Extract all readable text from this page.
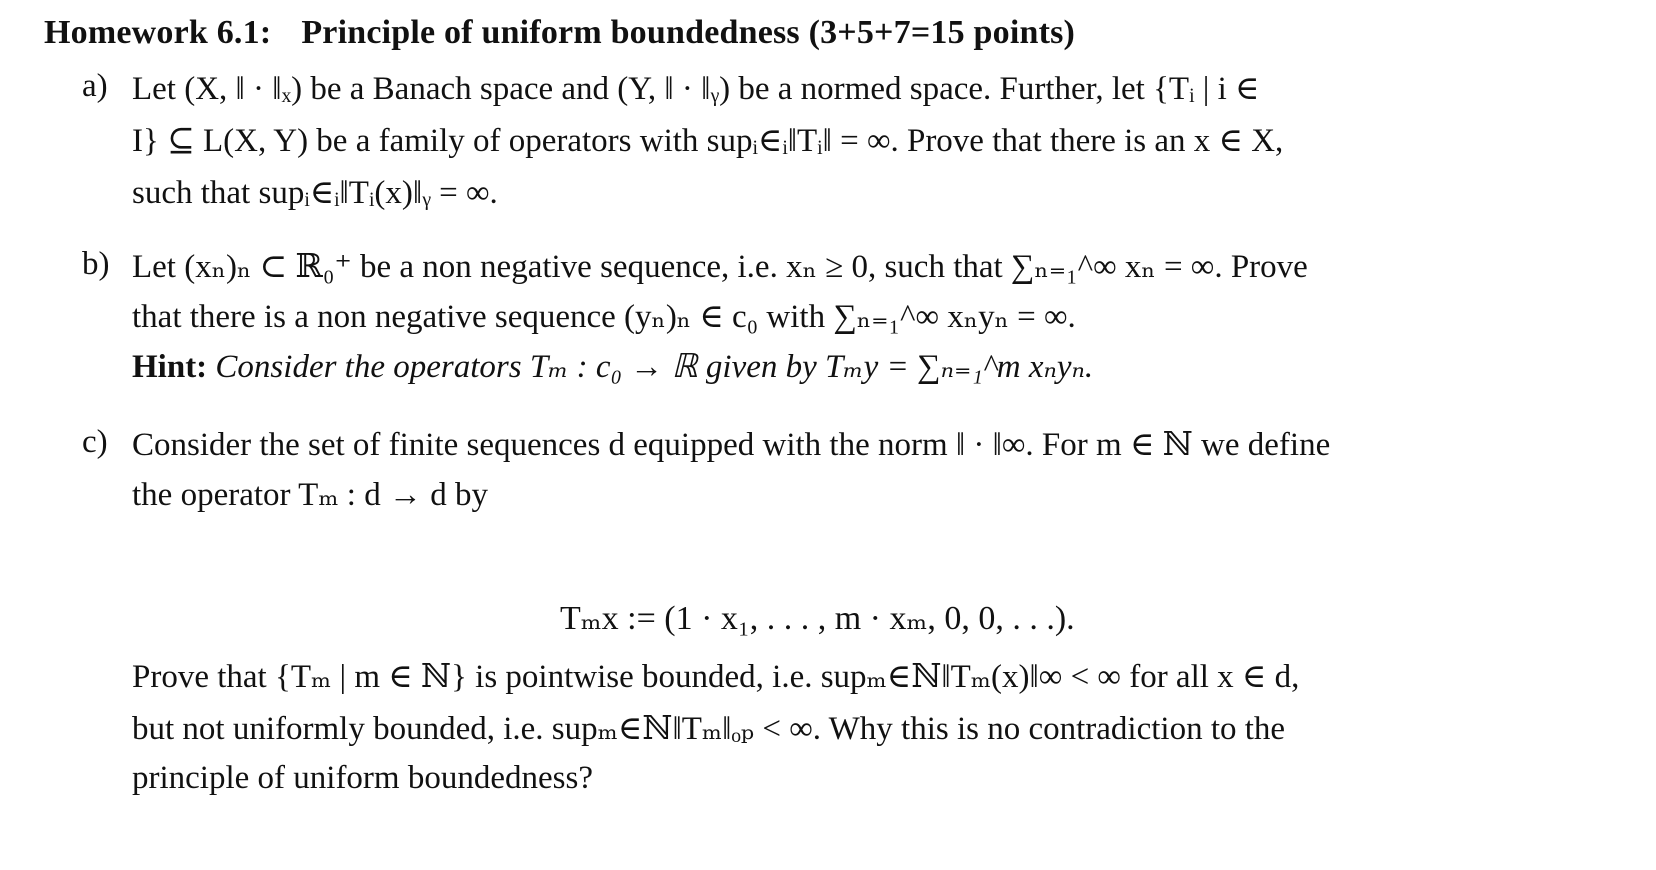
Homework 6.1: Principle of uniform boundedness (3+5+7=15 points)
a) Let (X, ‖ · ‖ₓ) be a Banach space and (Y, ‖ · ‖ᵧ) be a normed space. Further, let {Tᵢ | i ∈
I} ⊆ L(X, Y) be a family of operators with supᵢ∈ᵢ‖Tᵢ‖ = ∞. Prove that there is an x ∈ X,
such that supᵢ∈ᵢ‖Tᵢ(x)‖ᵧ = ∞.
b) Let (xₙ)ₙ ⊂ ℝ₀⁺ be a non negative sequence, i.e. xₙ ≥ 0, such that ∑ₙ₌₁^∞ xₙ = ∞. Prove
that there is a non negative sequence (yₙ)ₙ ∈ c₀ with ∑ₙ₌₁^∞ xₙyₙ = ∞.
Hint: Consider the operators Tₘ : c₀ → ℝ given by Tₘy = ∑ₙ₌₁^m xₙyₙ.
c) Consider the set of finite sequences d equipped with the norm ‖ · ‖∞. For m ∈ ℕ we define
the operator Tₘ : d → d by
Tₘx := (1 · x₁, . . . , m · xₘ, 0, 0, . . .).
Prove that {Tₘ | m ∈ ℕ} is pointwise bounded, i.e. supₘ∈ℕ‖Tₘ(x)‖∞ < ∞ for all x ∈ d,
but not uniformly bounded, i.e. supₘ∈ℕ‖Tₘ‖ₒₚ < ∞. Why this is no contradiction to the
principle of uniform boundedness?
